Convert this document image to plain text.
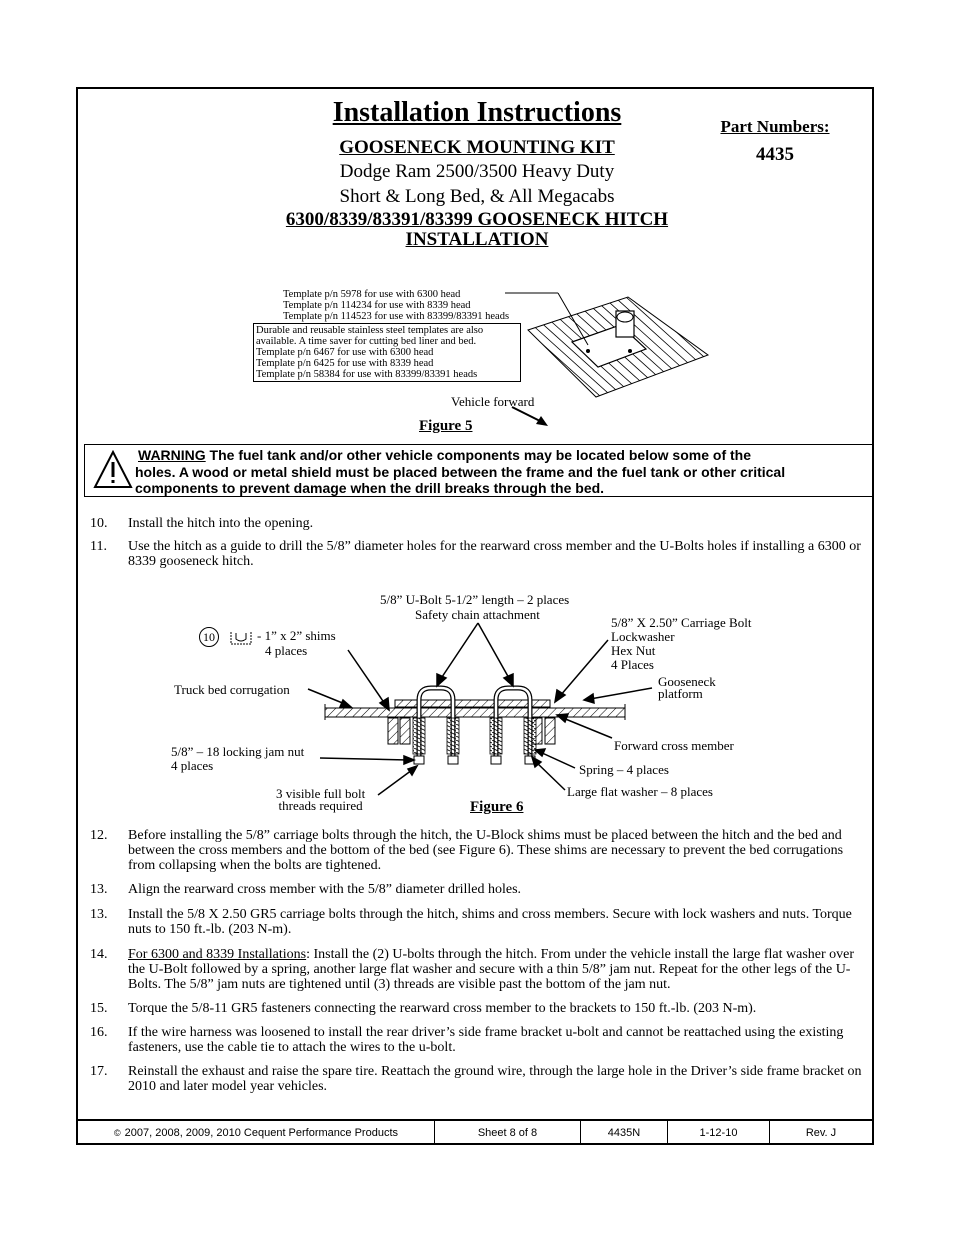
Installation Instructions
GOOSENECK MOUNTING KIT
Dodge Ram 2500/3500 Heavy Duty
Short & Long Bed, & All Megacabs
6300/8339/83391/83399 GOOSENECK HITCH
INSTALLATION
Part Numbers:
4435
Template p/n 5978 for use with 6300 head
Template p/n 114234 for use with 8339 head
Template p/n 114523 for use with 83399/83391 heads
Durable and reusable stainless steel templates are also
available. A time saver for cutting bed liner and bed.
Template p/n 6467 for use with 6300 head
Template p/n 6425 for use with 8339 head
Template p/n 58384 for use with 83399/83391 heads
Vehicle forward
Figure 5
WARNING The fuel tank and/or other vehicle components may be located below some of the
holes. A wood or metal shield must be placed between the frame and the fuel tank or other critical
components to prevent damage when the drill breaks through the bed.
10. Install the hitch into the opening.
11. Use the hitch as a guide to drill the 5/8” diameter holes for the rearward cross member and the U-Bolts holes if installing a 6300 or 8339 gooseneck hitch.
5/8” U-Bolt 5-1/2” length – 2 places
Safety chain attachment
10	- 1” x 2” shims
4 places
5/8” X 2.50” Carriage Bolt
Lockwasher
Hex Nut
4 Places
Truck bed corrugation
Gooseneck
platform
Forward cross member
5/8” – 18 locking jam nut
4 places	Spring – 4 places
Large flat washer – 8 places
3 visible full bolt
threads required	Figure 6
12. Before installing the 5/8” carriage bolts through the hitch, the U-Block shims must be placed between the hitch and the bed and between the cross members and the bottom of the bed (see Figure 6). These shims are necessary to prevent the bed corrugations from collapsing when the bolts are tightened.
13. Align the rearward cross member with the 5/8” diameter drilled holes.
13. Install the 5/8 X 2.50 GR5 carriage bolts through the hitch, shims and cross members. Secure with lock washers and nuts. Torque nuts to 150 ft.-lb. (203 N-m).
14. For 6300 and 8339 Installations: Install the (2) U-bolts through the hitch. From under the vehicle install the large flat washer over the U-Bolt followed by a spring, another large flat washer and secure with a thin 5/8” jam nut. Repeat for the other legs of the U-Bolts. The 5/8” jam nuts are tightened until (3) threads are visible past the bottom of the jam nut.
15. Torque the 5/8-11 GR5 fasteners connecting the rearward cross member to the brackets to 150 ft.-lb. (203 N-m).
16. If the wire harness was loosened to install the rear driver’s side frame bracket u-bolt and cannot be reattached using the existing fasteners, use the cable tie to attach the wires to the u-bolt.
17. Reinstall the exhaust and raise the spare tire. Reattach the ground wire, through the large hole in the Driver’s side frame bracket on 2010 and later model year vehicles.
© 2007, 2008, 2009, 2010 Cequent Performance Products	Sheet 8 of 8	4435N	1-12-10	Rev. J
